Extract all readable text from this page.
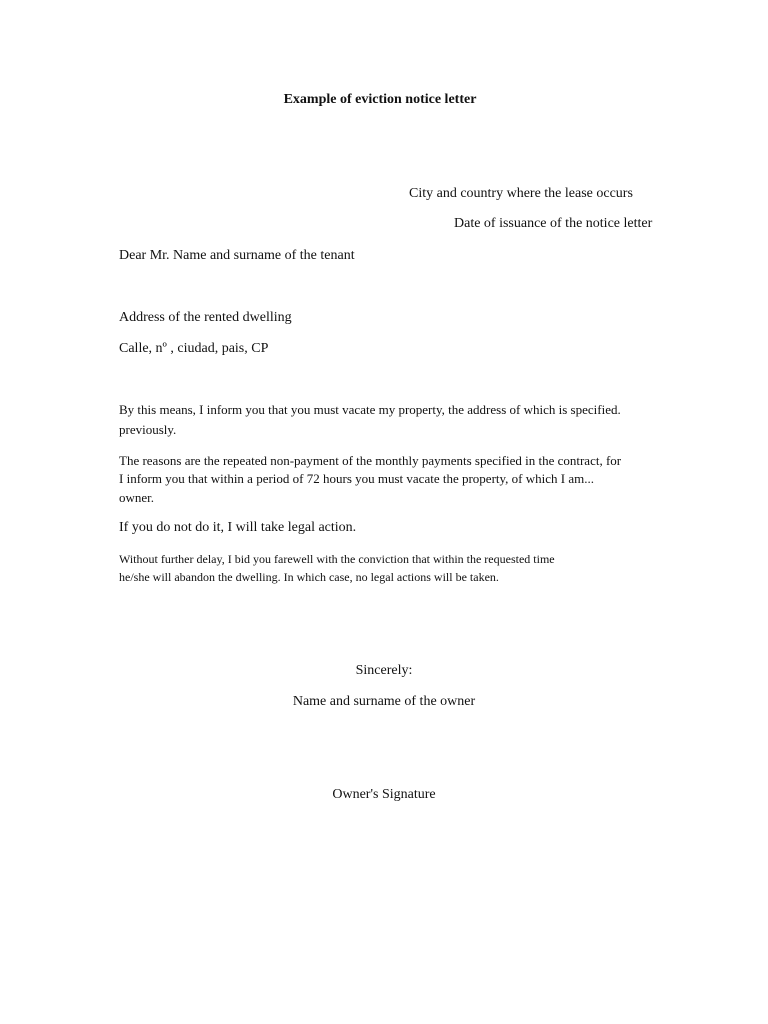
Example of eviction notice letter

City and country where the lease occurs

Date of issuance of the notice letter

Dear Mr. Name and surname of the tenant

Address of the rented dwelling

Calle, nº , ciudad, pais, CP

By this means, I inform you that you must vacate my property, the address of which is specified.

previously.

The reasons are the repeated non-payment of the monthly payments specified in the contract, for

I inform you that within a period of 72 hours you must vacate the property, of which I am...

owner.

If you do not do it, I will take legal action.

Without further delay, I bid you farewell with the conviction that within the requested time

he/she will abandon the dwelling. In which case, no legal actions will be taken.

Sincerely:

Name and surname of the owner

Owner's Signature
